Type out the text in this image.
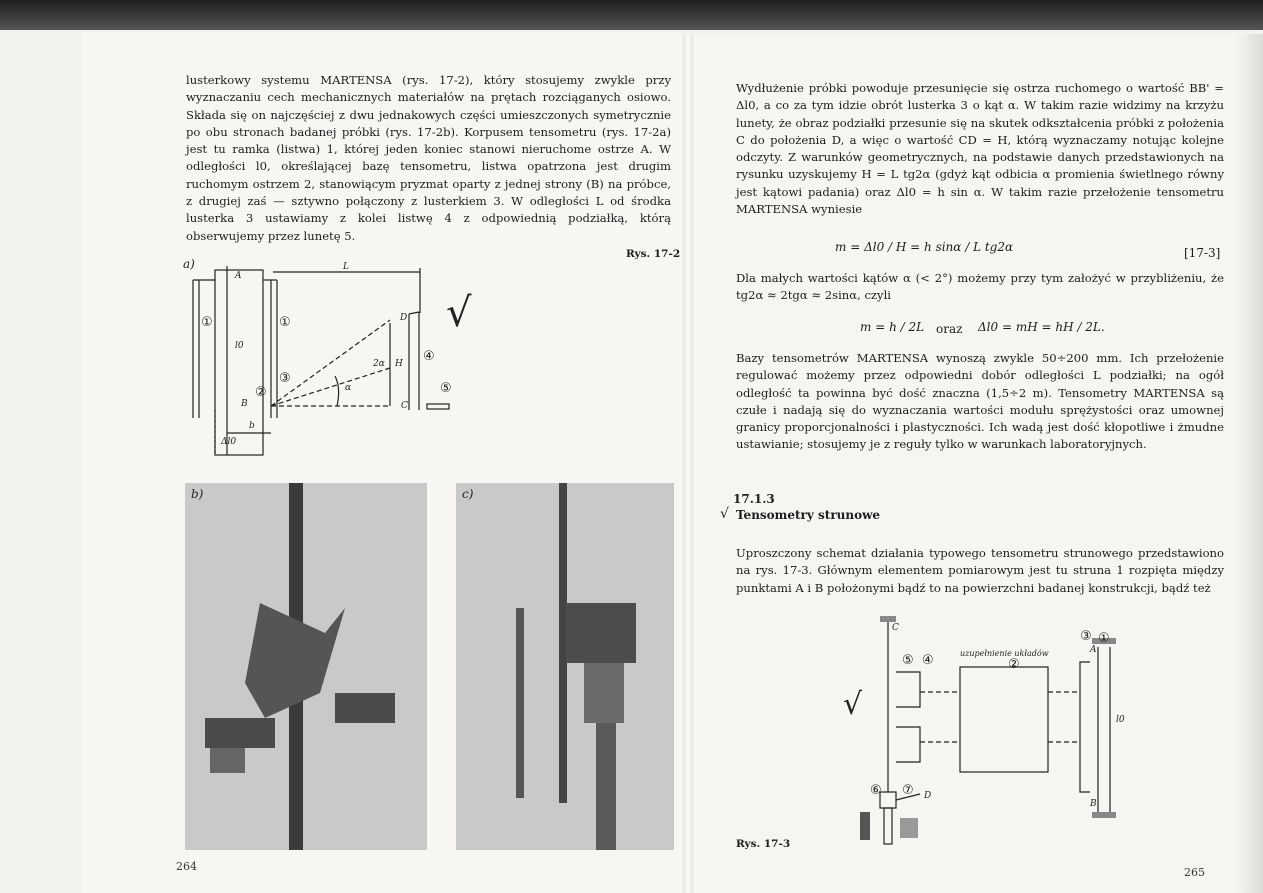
lusterkowy systemu MARTENSA (rys. 17-2), który stosujemy zwykle przy wyznaczaniu cech mechanicznych materiałów na prętach rozciąganych osiowo. Składa się on najczęściej z dwu jednakowych części umieszczonych symetrycznie po obu stronach badanej próbki (rys. 17-2b). Korpusem tensometru (rys. 17-2a) jest tu ramka (listwa) 1, której jeden koniec stanowi nieruchome ostrze A. W odległości l0, określającej bazę tensometru, listwa opatrzona jest drugim ruchomym ostrzem 2, stanowiącym pryzmat oparty z jednej strony (B) na próbce, z drugiej zaś — sztywno połączony z lusterkiem 3. W odległości L od środka lusterka 3 ustawiamy z kolei listwę 4 z odpowiednią podziałką, którą obserwujemy przez lunetę 5.

Rys. 17-2
a)
A
L
D
H
2α
α
C
l0
b
Δl0
B
①	①
②
③
④
⑤
√
b)	c)
264

Wydłużenie próbki powoduje przesunięcie się ostrza ruchomego o wartość BB' = Δl0, a co za tym idzie obrót lusterka 3 o kąt α. W takim razie widzimy na krzyżu lunety, że obraz podziałki przesunie się na skutek odkształcenia próbki z położenia C do położenia D, a więc o wartość CD = H, którą wyznaczamy notując kolejne odczyty. Z warunków geometrycznych, na podstawie danych przedstawionych na rysunku uzyskujemy H = L tg2α (gdyż kąt odbicia α promienia świetlnego równy jest kątowi padania) oraz Δl0 = h sin α. W takim razie przełożenie tensometru MARTENSA wyniesie

m = Δl0 / H = h sinα / L tg2α	[17-3]

Dla małych wartości kątów α (< 2°) możemy przy tym założyć w przybliżeniu, że tg2α ≈ 2tgα ≈ 2sinα, czyli

m = h / 2L oraz Δl0 = mH = hH / 2L.

Bazy tensometrów MARTENSA wynoszą zwykle 50÷200 mm. Ich przełożenie regulować możemy przez odpowiedni dobór odległości L podziałki; na ogół odległość ta powinna być dość znaczna (1,5÷2 m). Tensometry MARTENSA są czułe i nadają się do wyznaczania wartości modułu sprężystości oraz umownej granicy proporcjonalności i plastyczności. Ich wadą jest dość kłopotliwe i żmudne ustawianie; stosujemy je z reguły tylko w warunkach laboratoryjnych.

17.1.3
√ Tensometry strunowe

Uproszczony schemat działania typowego tensometru strunowego przedstawiono na rys. 17-3. Głównym elementem pomiarowym jest tu struna 1 rozpięta między punktami A i B położonymi bądź to na powierzchni badanej konstrukcji, bądź też

C
D
A
B
l0
uzupełnienie układów
①
②
③
④
⑤
⑥ ⑦
√
Rys. 17-3
265
